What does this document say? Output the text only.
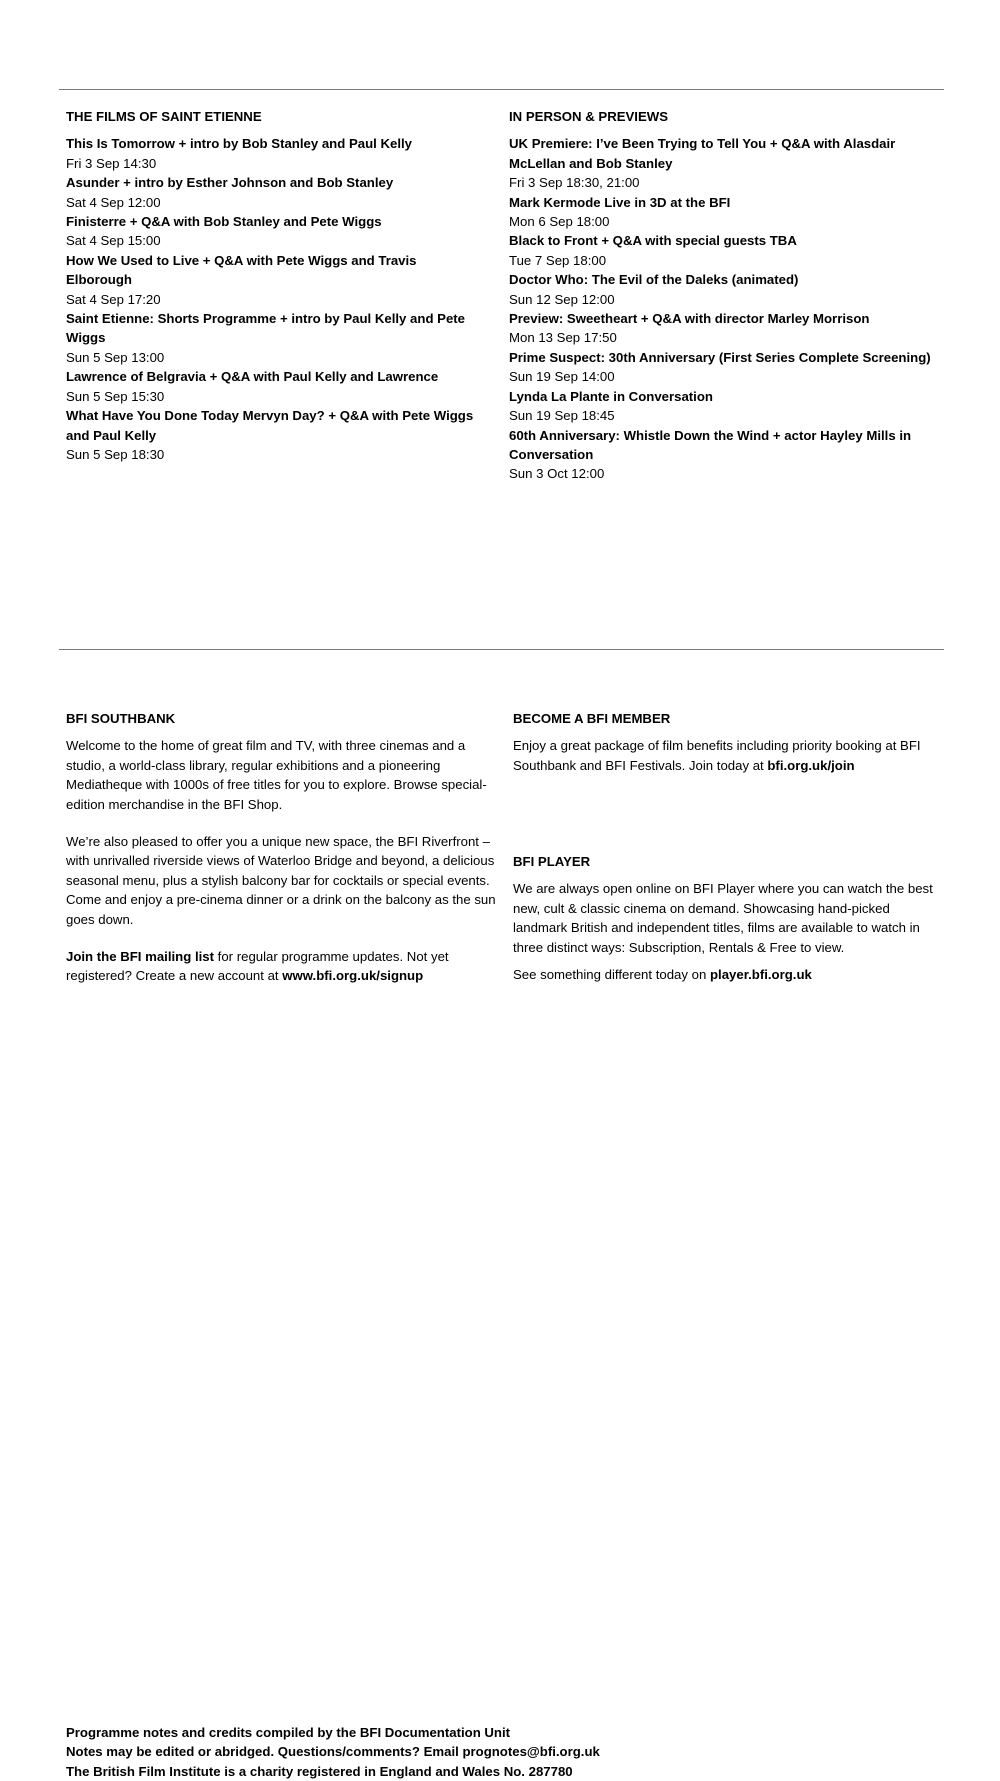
THE FILMS OF SAINT ETIENNE
This Is Tomorrow + intro by Bob Stanley and Paul Kelly
Fri 3 Sep 14:30
Asunder + intro by Esther Johnson and Bob Stanley
Sat 4 Sep 12:00
Finisterre + Q&A with Bob Stanley and Pete Wiggs
Sat 4 Sep 15:00
How We Used to Live + Q&A with Pete Wiggs and Travis Elborough
Sat 4 Sep 17:20
Saint Etienne: Shorts Programme + intro by Paul Kelly and Pete Wiggs
Sun 5 Sep 13:00
Lawrence of Belgravia + Q&A with Paul Kelly and Lawrence
Sun 5 Sep 15:30
What Have You Done Today Mervyn Day? + Q&A with Pete Wiggs and Paul Kelly
Sun 5 Sep 18:30
IN PERSON & PREVIEWS
UK Premiere: I’ve Been Trying to Tell You + Q&A with Alasdair McLellan and Bob Stanley
Fri 3 Sep 18:30, 21:00
Mark Kermode Live in 3D at the BFI
Mon 6 Sep 18:00
Black to Front + Q&A with special guests TBA
Tue 7 Sep 18:00
Doctor Who: The Evil of the Daleks (animated)
Sun 12 Sep 12:00
Preview: Sweetheart + Q&A with director Marley Morrison
Mon 13 Sep 17:50
Prime Suspect: 30th Anniversary (First Series Complete Screening)
Sun 19 Sep 14:00
Lynda La Plante in Conversation
Sun 19 Sep 18:45
60th Anniversary: Whistle Down the Wind + actor Hayley Mills in Conversation
Sun 3 Oct 12:00
BFI SOUTHBANK

Welcome to the home of great film and TV, with three cinemas and a studio, a world-class library, regular exhibitions and a pioneering Mediatheque with 1000s of free titles for you to explore. Browse special-edition merchandise in the BFI Shop.

We’re also pleased to offer you a unique new space, the BFI Riverfront – with unrivalled riverside views of Waterloo Bridge and beyond, a delicious seasonal menu, plus a stylish balcony bar for cocktails or special events. Come and enjoy a pre-cinema dinner or a drink on the balcony as the sun goes down.

Join the BFI mailing list for regular programme updates. Not yet registered? Create a new account at www.bfi.org.uk/signup

BECOME A BFI MEMBER

Enjoy a great package of film benefits including priority booking at BFI Southbank and BFI Festivals. Join today at bfi.org.uk/join

BFI PLAYER

We are always open online on BFI Player where you can watch the best new, cult & classic cinema on demand. Showcasing hand-picked landmark British and independent titles, films are available to watch in three distinct ways: Subscription, Rentals & Free to view.

See something different today on player.bfi.org.uk

Programme notes and credits compiled by the BFI Documentation Unit
Notes may be edited or abridged. Questions/comments? Email prognotes@bfi.org.uk
The British Film Institute is a charity registered in England and Wales No. 287780
